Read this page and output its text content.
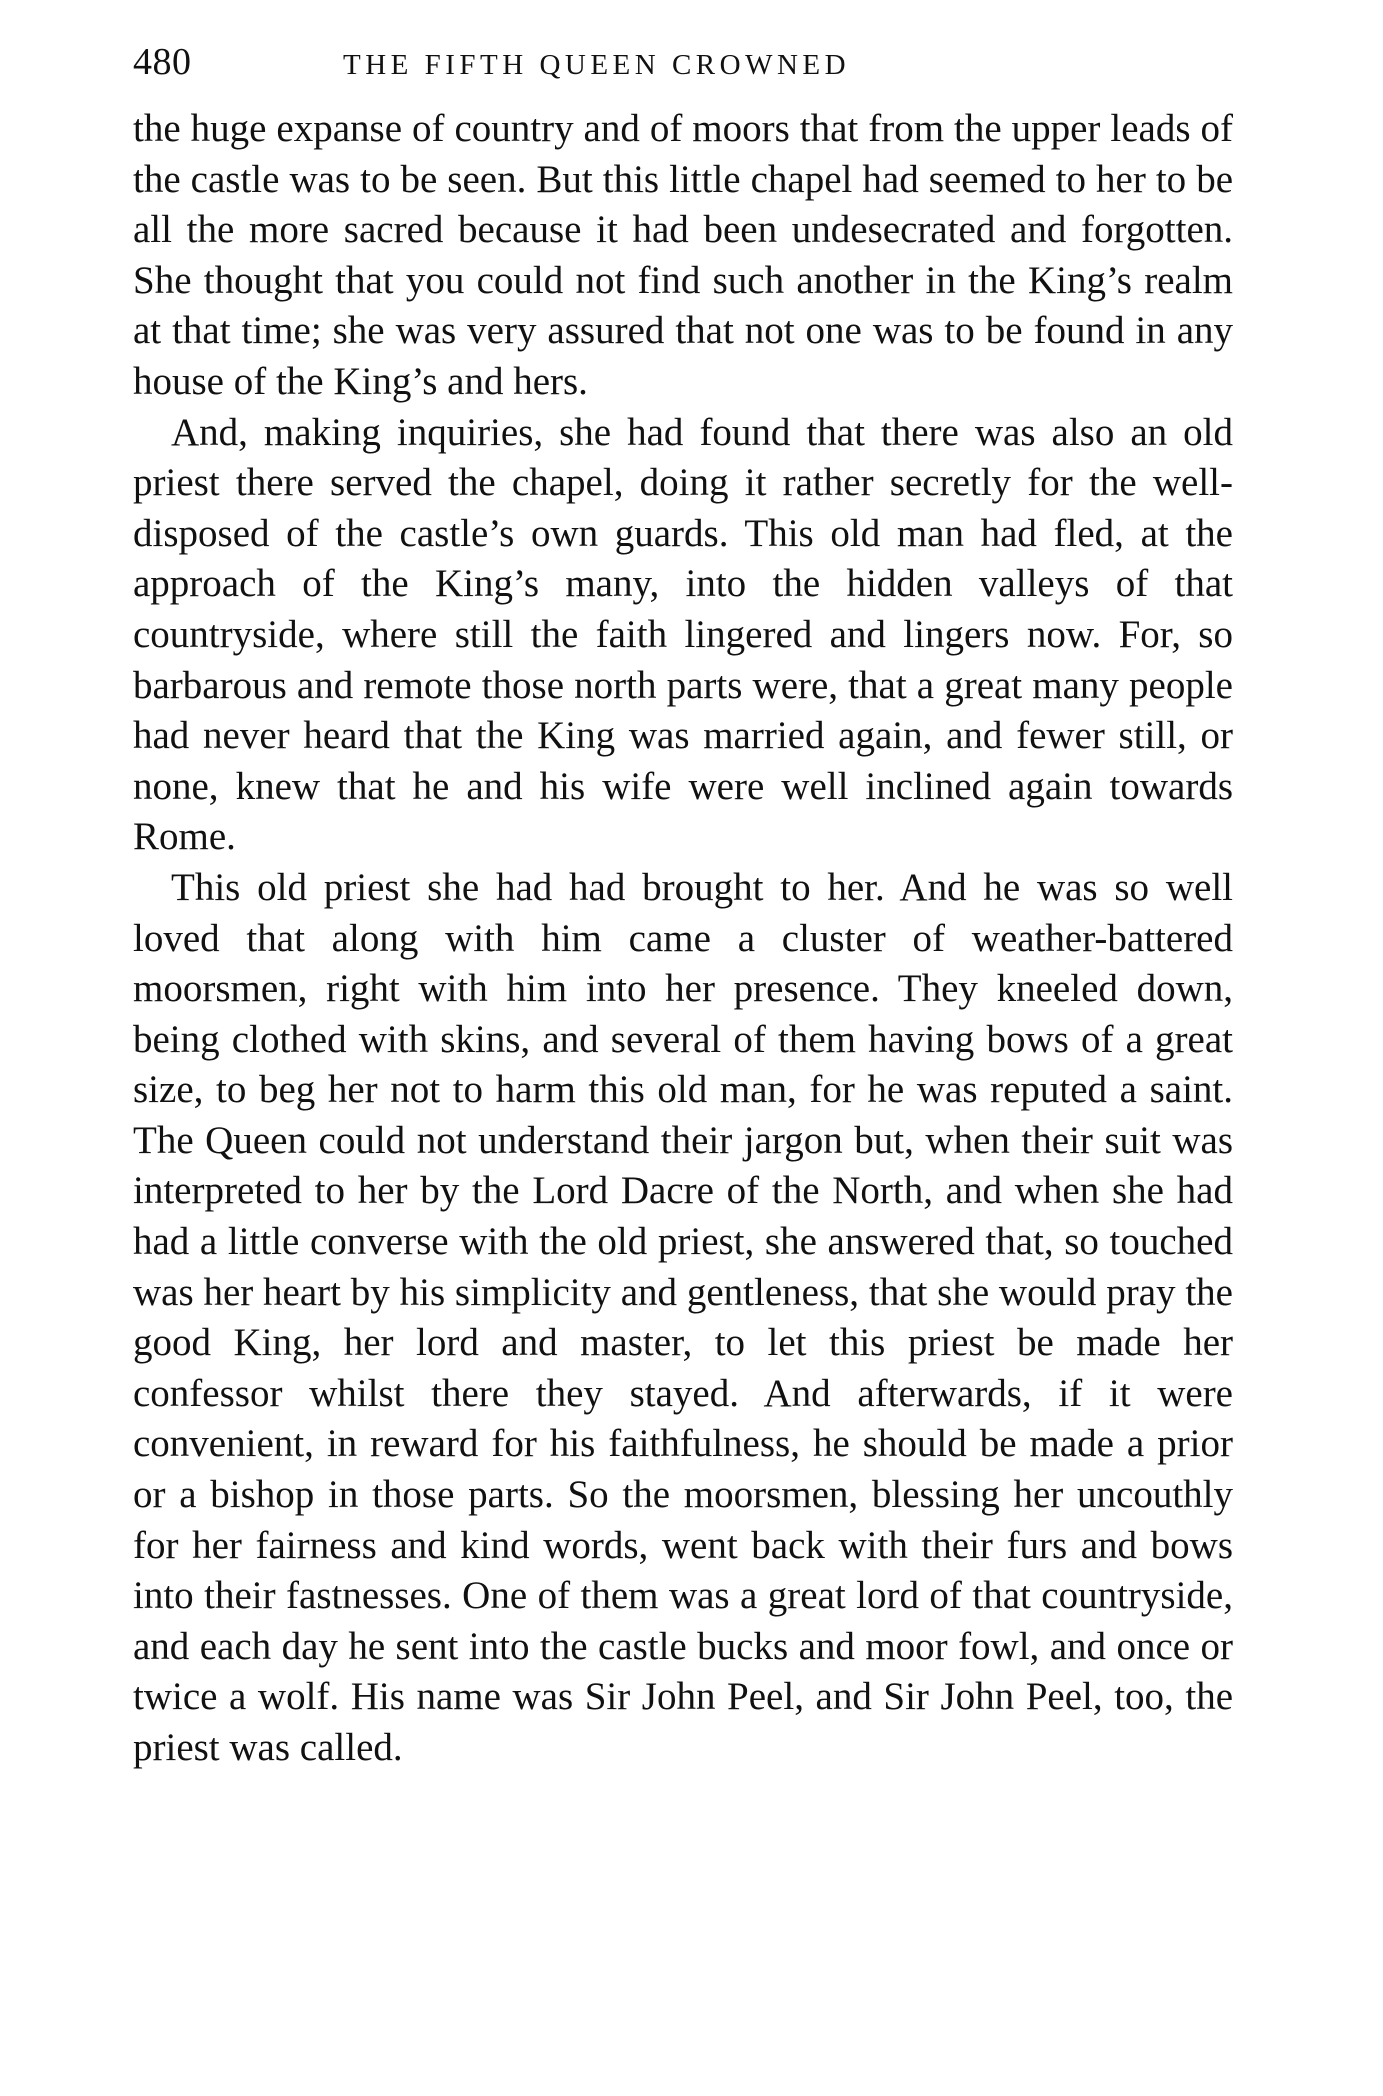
480	THE FIFTH QUEEN CROWNED

the huge expanse of country and of moors that from the upper leads of the castle was to be seen. But this little chapel had seemed to her to be all the more sacred because it had been undesecrated and forgotten. She thought that you could not find such another in the King’s realm at that time; she was very assured that not one was to be found in any house of the King’s and hers.

And, making inquiries, she had found that there was also an old priest there served the chapel, doing it rather secretly for the well-disposed of the castle’s own guards. This old man had fled, at the approach of the King’s many, into the hidden valleys of that countryside, where still the faith lingered and lingers now. For, so barbarous and remote those north parts were, that a great many people had never heard that the King was married again, and fewer still, or none, knew that he and his wife were well inclined again towards Rome.

This old priest she had had brought to her. And he was so well loved that along with him came a cluster of weather-battered moorsmen, right with him into her presence. They kneeled down, being clothed with skins, and several of them having bows of a great size, to beg her not to harm this old man, for he was reputed a saint. The Queen could not understand their jargon but, when their suit was interpreted to her by the Lord Dacre of the North, and when she had had a little converse with the old priest, she answered that, so touched was her heart by his simplicity and gentleness, that she would pray the good King, her lord and master, to let this priest be made her confessor whilst there they stayed. And afterwards, if it were convenient, in reward for his faithfulness, he should be made a prior or a bishop in those parts. So the moorsmen, blessing her uncouthly for her fairness and kind words, went back with their furs and bows into their fastnesses. One of them was a great lord of that countryside, and each day he sent into the castle bucks and moor fowl, and once or twice a wolf. His name was Sir John Peel, and Sir John Peel, too, the priest was called.
